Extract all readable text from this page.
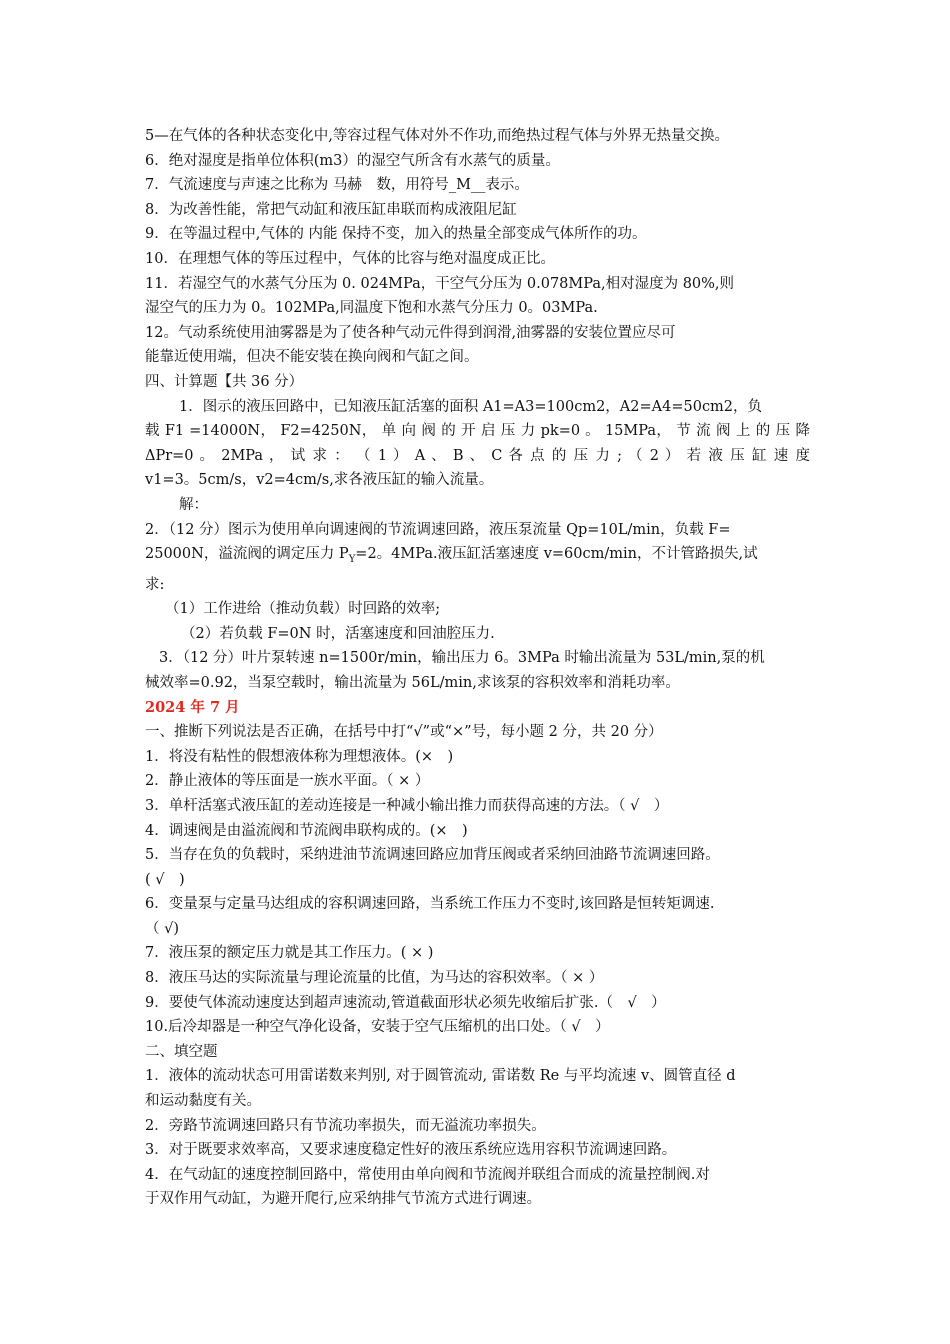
5—在气体的各种状态变化中,等容过程气体对外不作功,而绝热过程气体与外界无热量交换。

6．绝对湿度是指单位体积(m3）的湿空气所含有水蒸气的质量。

7．气流速度与声速之比称为 马赫　数，用符号_M__表示。

8．为改善性能，常把气动缸和液压缸串联而构成液阻尼缸

9．在等温过程中,气体的 内能 保持不变，加入的热量全部变成气体所作的功。

10．在理想气体的等压过程中，气体的比容与绝对温度成正比。

11．若湿空气的水蒸气分压为 0. 024MPa，干空气分压为 0.078MPa,相对湿度为 80%,则

湿空气的压力为 0。102MPa,同温度下饱和水蒸气分压力 0。03MPa.

12。气动系统使用油雾器是为了使各种气动元件得到润滑,油雾器的安装位置应尽可

能靠近使用端，但决不能安装在换向阀和气缸之间。

四、计算题【共 36 分）

1．图示的液压回路中，已知液压缸活塞的面积 A1=A3=100cm2，A2=A4=50cm2，负

载 F1 =14000N， F2=4250N， 单 向 阀 的 开 启 压 力 pk=0 。 15MPa， 节 流 阀 上 的 压 降

ΔPr=0 。 2MPa ， 试 求 ： （ 1 ） A 、 B 、 C 各 点 的 压 力 ; （ 2 ） 若 液 压 缸 速 度

v1=3。5cm/s，v2=4cm/s,求各液压缸的输入流量。

解：

2．（12 分）图示为使用单向调速阀的节流调速回路，液压泵流量 Qp=10L/min，负载 F=

25000N，溢流阀的调定压力 $P_Y=2$。4MPa.液压缸活塞速度 v=60cm/min，不计管路损失,试

求:

（1）工作进给（推动负载）时回路的效率;

（2）若负载 F=0N 时，活塞速度和回油腔压力.

3．（12 分）叶片泵转速 n=1500r/min，输出压力 6。3MPa 时输出流量为 53L/min,泵的机

械效率=0.92，当泵空载时，输出流量为 56L/min,求该泵的容积效率和消耗功率。

2024 年 7 月

一、推断下列说法是否正确，在括号中打“√”或“×”号，每小题 2 分，共 20 分）

1．将没有粘性的假想液体称为理想液体。(×　)

2．静止液体的等压面是一族水平面。（ × ）

3．单杆活塞式液压缸的差动连接是一种减小输出推力而获得高速的方法。（ √　）

4．调速阀是由溢流阀和节流阀串联构成的。(×　)

5．当存在负的负载时，采纳进油节流调速回路应加背压阀或者采纳回油路节流调速回路。

( √　)

6．变量泵与定量马达组成的容积调速回路，当系统工作压力不变时,该回路是恒转矩调速.

（ √)

7．液压泵的额定压力就是其工作压力。( × )

8．液压马达的实际流量与理论流量的比值，为马达的容积效率。（ × ）

9．要使气体流动速度达到超声速流动,管道截面形状必须先收缩后扩张.（　√　）

10.后冷却器是一种空气净化设备，安装于空气压缩机的出口处。（ √　）

二、填空题

1．液体的流动状态可用雷诺数来判别, 对于圆管流动, 雷诺数 Re 与平均流速 v、圆管直径 d

和运动黏度有关。

2．旁路节流调速回路只有节流功率损失，而无溢流功率损失。

3．对于既要求效率高，又要求速度稳定性好的液压系统应选用容积节流调速回路。

4．在气动缸的速度控制回路中，常使用由单向阀和节流阀并联组合而成的流量控制阀.对

于双作用气动缸，为避开爬行,应采纳排气节流方式进行调速。
